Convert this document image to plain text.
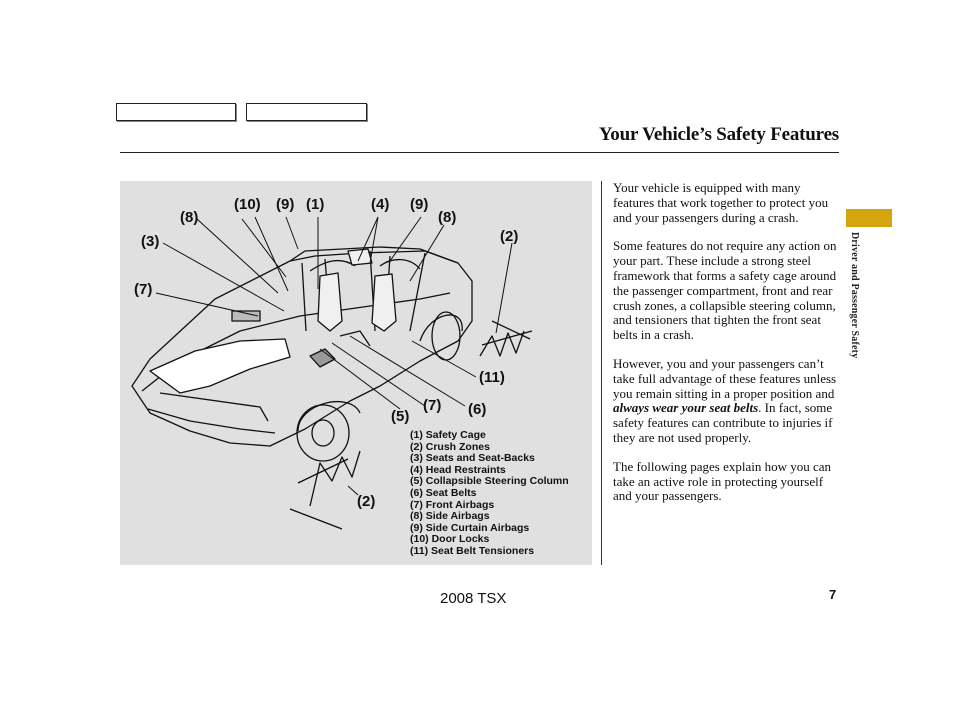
Your Vehicle’s Safety Features
(10) (9) (1)	(4) (9)
(8)	(8)
(3)	(2)
(7)
(11)
(7) (6)
(5)
(2)
(1) Safety Cage
(2) Crush Zones
(3) Seats and Seat-Backs
(4) Head Restraints
(5) Collapsible Steering Column
(6) Seat Belts
(7) Front Airbags
(8) Side Airbags
(9) Side Curtain Airbags
(10) Door Locks
(11) Seat Belt Tensioners

Your vehicle is equipped with many features that work together to protect you and your passengers during a crash.

Some features do not require any action on your part. These include a strong steel framework that forms a safety cage around the passenger compartment, front and rear crush zones, a collapsible steering column, and tensioners that tighten the front seat belts in a crash.

However, you and your passengers can’t take full advantage of these features unless you remain sitting in a proper position and always wear your seat belts. In fact, some safety features can contribute to injuries if they are not used properly.

The following pages explain how you can take an active role in protecting yourself and your passengers.

Driver and Passenger Safety
2008 TSX	7
